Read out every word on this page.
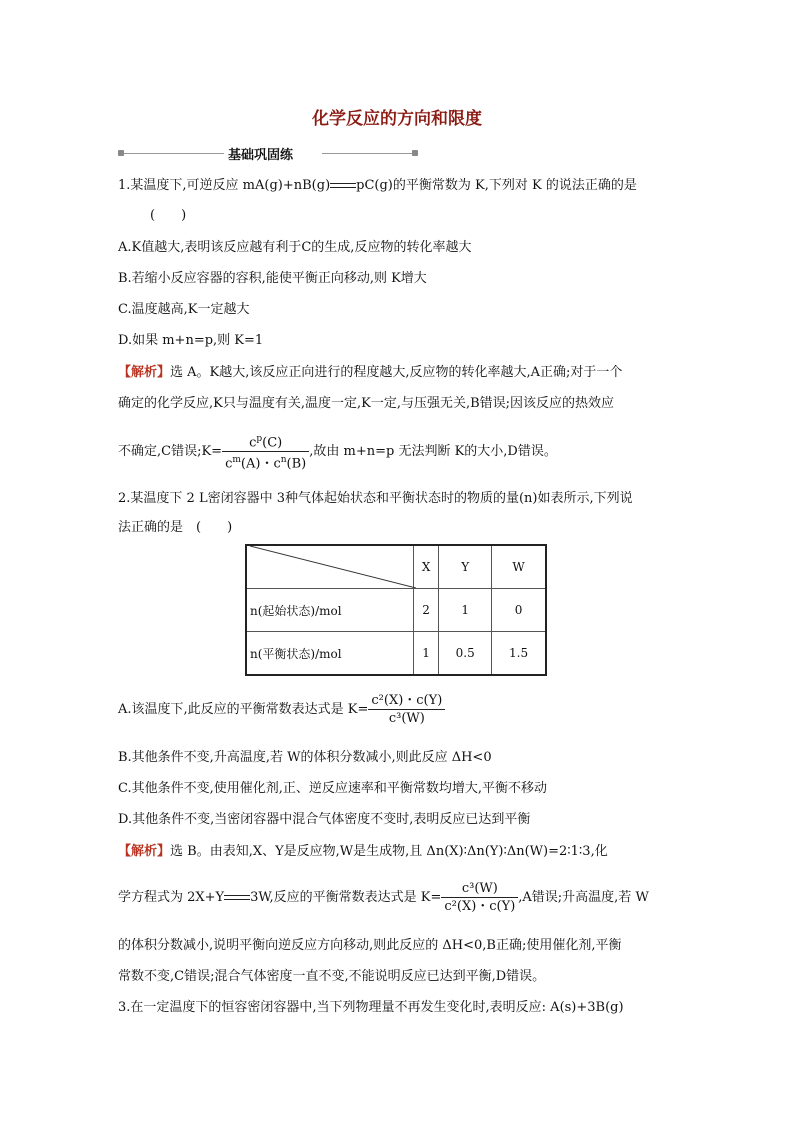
化学反应的方向和限度
基础巩固练
1.某温度下,可逆反应 mA(g)+nB(g) pC(g)的平衡常数为 K,下列对 K 的说法正确的是
(　　)
A.K值越大,表明该反应越有利于C的生成,反应物的转化率越大
B.若缩小反应容器的容积,能使平衡正向移动,则 K增大
C.温度越高,K一定越大
D.如果 m+n=p,则 K=1
【解析】选 A。K越大,该反应正向进行的程度越大,反应物的转化率越大,A正确;对于一个
确定的化学反应,K只与温度有关,温度一定,K一定,与压强无关,B错误;因该反应的热效应
不确定,C错误;K= $\frac{c^p(C)}{c^m(A)・c^n(B)}$ ,故由 m+n=p 无法判断 K的大小,D错误。
2.某温度下 2 L密闭容器中 3种气体起始状态和平衡状态时的物质的量(n)如表所示,下列说
法正确的是　(　　)
	X	Y	W
n(起始状态)/mol	2	1	0
n(平衡状态)/mol	1	0.5	1.5
A.该温度下,此反应的平衡常数表达式是 $K= \frac{\text{c²(X)・c(Y)}}{\text{c³(W)}}$
B.其他条件不变,升高温度,若 W的体积分数减小,则此反应 ΔH<0
C.其他条件不变,使用催化剂,正、逆反应速率和平衡常数均增大,平衡不移动
D.其他条件不变,当密闭容器中混合气体密度不变时,表明反应已达到平衡
【解析】选 B。由表知,X、Y是反应物,W是生成物,且 Δn(X)∶Δn(Y)∶Δn(W)=2∶1∶3,化
学方程式为 2X+Y 3W,反应的平衡常数表达式是 $K= \frac{\text{c³(W)}}{\text{c²(X)・c(Y)}} ,A$错误;升高温度,若 W
的体积分数减小,说明平衡向逆反应方向移动,则此反应的 ΔH<0,B正确;使用催化剂,平衡
常数不变,C错误;混合气体密度一直不变,不能说明反应已达到平衡,D错误。
3.在一定温度下的恒容密闭容器中,当下列物理量不再发生变化时,表明反应: A(s)+3B(g)
